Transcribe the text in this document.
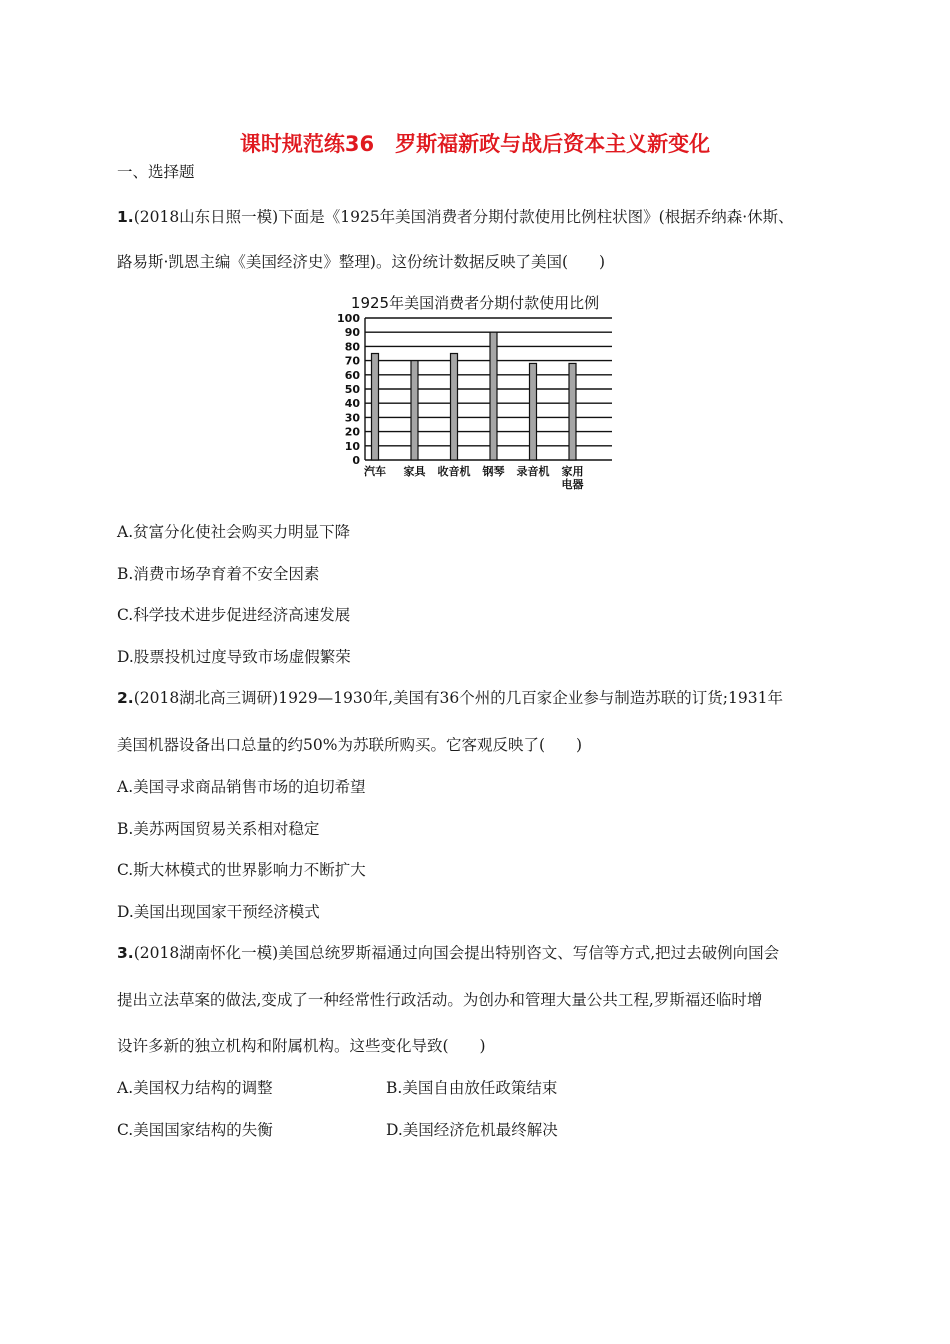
课时规范练36　罗斯福新政与战后资本主义新变化
一、选择题
1.(2018山东日照一模)下面是《1925年美国消费者分期付款使用比例柱状图》(根据乔纳森·休斯、
路易斯·凯恩主编《美国经济史》整理)。这份统计数据反映了美国(　　)
1925年美国消费者分期付款使用比例
0
10
20
30
40
50
60
70
80
90
100
汽车 家具 收音机 钢琴 录音机 家用
电器
A.贫富分化使社会购买力明显下降
B.消费市场孕育着不安全因素
C.科学技术进步促进经济高速发展
D.股票投机过度导致市场虚假繁荣
2.(2018湖北高三调研)1929—1930年,美国有36个州的几百家企业参与制造苏联的订货;1931年
美国机器设备出口总量的约50%为苏联所购买。它客观反映了(　　)
A.美国寻求商品销售市场的迫切希望
B.美苏两国贸易关系相对稳定
C.斯大林模式的世界影响力不断扩大
D.美国出现国家干预经济模式
3.(2018湖南怀化一模)美国总统罗斯福通过向国会提出特别咨文、写信等方式,把过去破例向国会
提出立法草案的做法,变成了一种经常性行政活动。为创办和管理大量公共工程,罗斯福还临时增
设许多新的独立机构和附属机构。这些变化导致(　　)
A.美国权力结构的调整	B.美国自由放任政策结束
C.美国国家结构的失衡	D.美国经济危机最终解决
